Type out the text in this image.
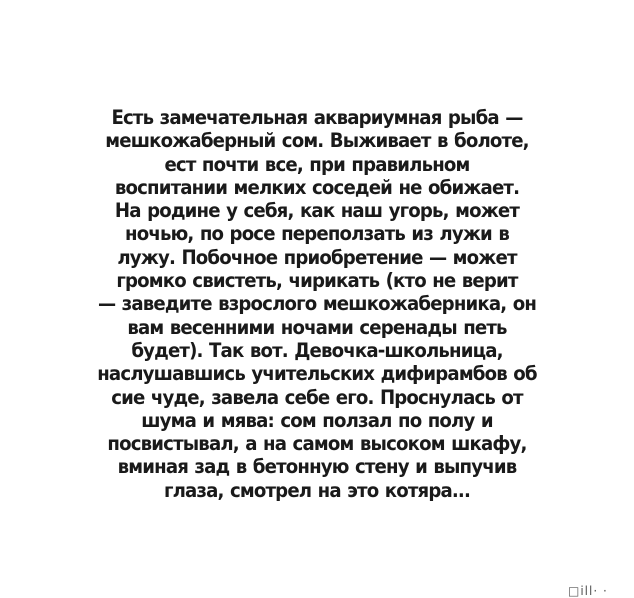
Есть замечательная аквариумная рыба —
мешкожаберный сом. Выживает в болоте,
ест почти все, при правильном
воспитании мелких соседей не обижает.
На родине у себя, как наш угорь, может
ночью, по росе переползать из лужи в
лужу. Побочное приобретение — может
громко свистеть, чирикать (кто не верит
— заведите взрослого мешкожаберника, он
вам весенними ночами серенады петь
будет). Так вот. Девочка-школьница,
наслушавшись учительских дифирамбов об
сие чуде, завела себе его. Проснулась от
шума и мява: сом ползал по полу и
посвистывал, а на самом высоком шкафу,
вминая зад в бетонную стену и выпучив
глаза, смотрел на это котяра...
□ill· ·
